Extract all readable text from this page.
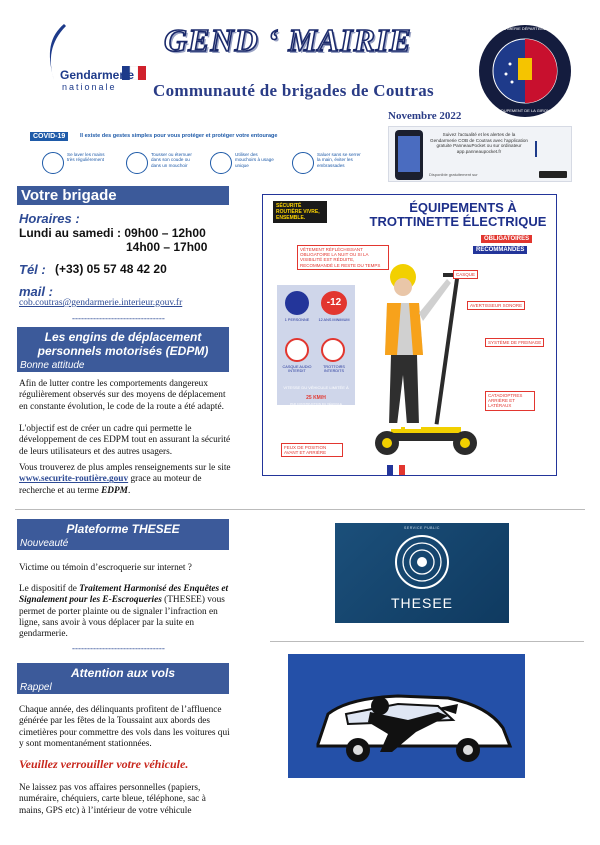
Gendarmerie
nationale
GEND ‘ MAIRIE
Communauté de brigades de Coutras
Novembre 2022
GENDARMERIE DÉPARTEMENTALE
GROUPEMENT DE LA GIRONDE
COVID-19	Il existe des gestes simples pour vous protéger et protéger votre entourage
Se laver les mains très régulièrement
Tousser ou éternuer dans son coude ou dans un mouchoir
Utiliser des mouchoirs à usage unique
Saluer sans se serrer la main, éviter les embrassades
Suivez l'actualité et les alertes de la Gendarmerie COB de Coutras avec l'application gratuite PanneauPocket ou sur ordinateur app.panneaupocket.fr
Disponible gratuitement sur
Votre brigade
Horaires :
Lundi au samedi : 09h00 – 12h00
14h00 – 17h00
Tél : (+33) 05 57 48 42 20
mail :
cob.coutras@gendarmerie.interieur.gouv.fr
-------------------------------
Les engins de déplacement personnels motorisés (EDPM)
Bonne attitude
Afin de lutter contre les comportements dangereux régulièrement observés sur des moyens de déplacement en constante évolution, le code de la route a été adapté.
L'objectif est de créer un cadre qui permette le développement de ces EDPM tout en assurant la sécurité de leurs utilisateurs et des autres usagers.
Vous trouverez de plus amples renseignements sur le site www.securite-routière.gouv grace au moteur de recherche et au terme EDPM.
Plateforme THESEE
Nouveauté
Victime ou témoin d’escroquerie sur internet ?
Le dispositif de Traitement Harmonisé des Enquêtes et Signalement pour les E-Escroqueries (THESEE) vous permet de porter plainte ou de signaler l’infraction en ligne, sans avoir à vous déplacer par la suite en gendarmerie.
-------------------------------
Attention aux vols
Rappel
Chaque année, des délinquants profitent de l’affluence générée par les fêtes de la Toussaint aux abords des cimetières pour commettre des vols dans les voitures qui y sont momentanément stationnées.
Veuillez verrouiller votre véhicule.
Ne laissez pas vos affaires personnelles (papiers, numéraire, chéquiers, carte bleue, téléphone, sac à mains, GPS etc) à l’intérieur de votre véhicule
SÉCURITÉ ROUTIÈRE VIVRE, ENSEMBLE.
ÉQUIPEMENTS À
TROTTINETTE ÉLECTRIQUE
OBLIGATOIRES
RECOMMANDÉS
1 PERSONNE
-12
12 ANS MINIMUM
CASQUE AUDIO INTERDIT
TROTTOIRS INTERDITS
VITESSE DU VÉHICULE LIMITÉE À
25 KM/H
PAR CONSTRUCTION DU VÉHICULE
VÊTEMENT RÉFLÉCHISSANT OBLIGATOIRE LA NUIT OU SI LA VISIBILITÉ EST RÉDUITE, RECOMMANDÉ LE RESTE DU TEMPS
CASQUE
AVERTISSEUR SONORE
SYSTÈME DE FREINAGE
CATADIOPTRES ARRIÈRE ET LATÉRAUX
FEUX DE POSITION AVANT ET ARRIÈRE
SERVICE PUBLIC
THESEE
